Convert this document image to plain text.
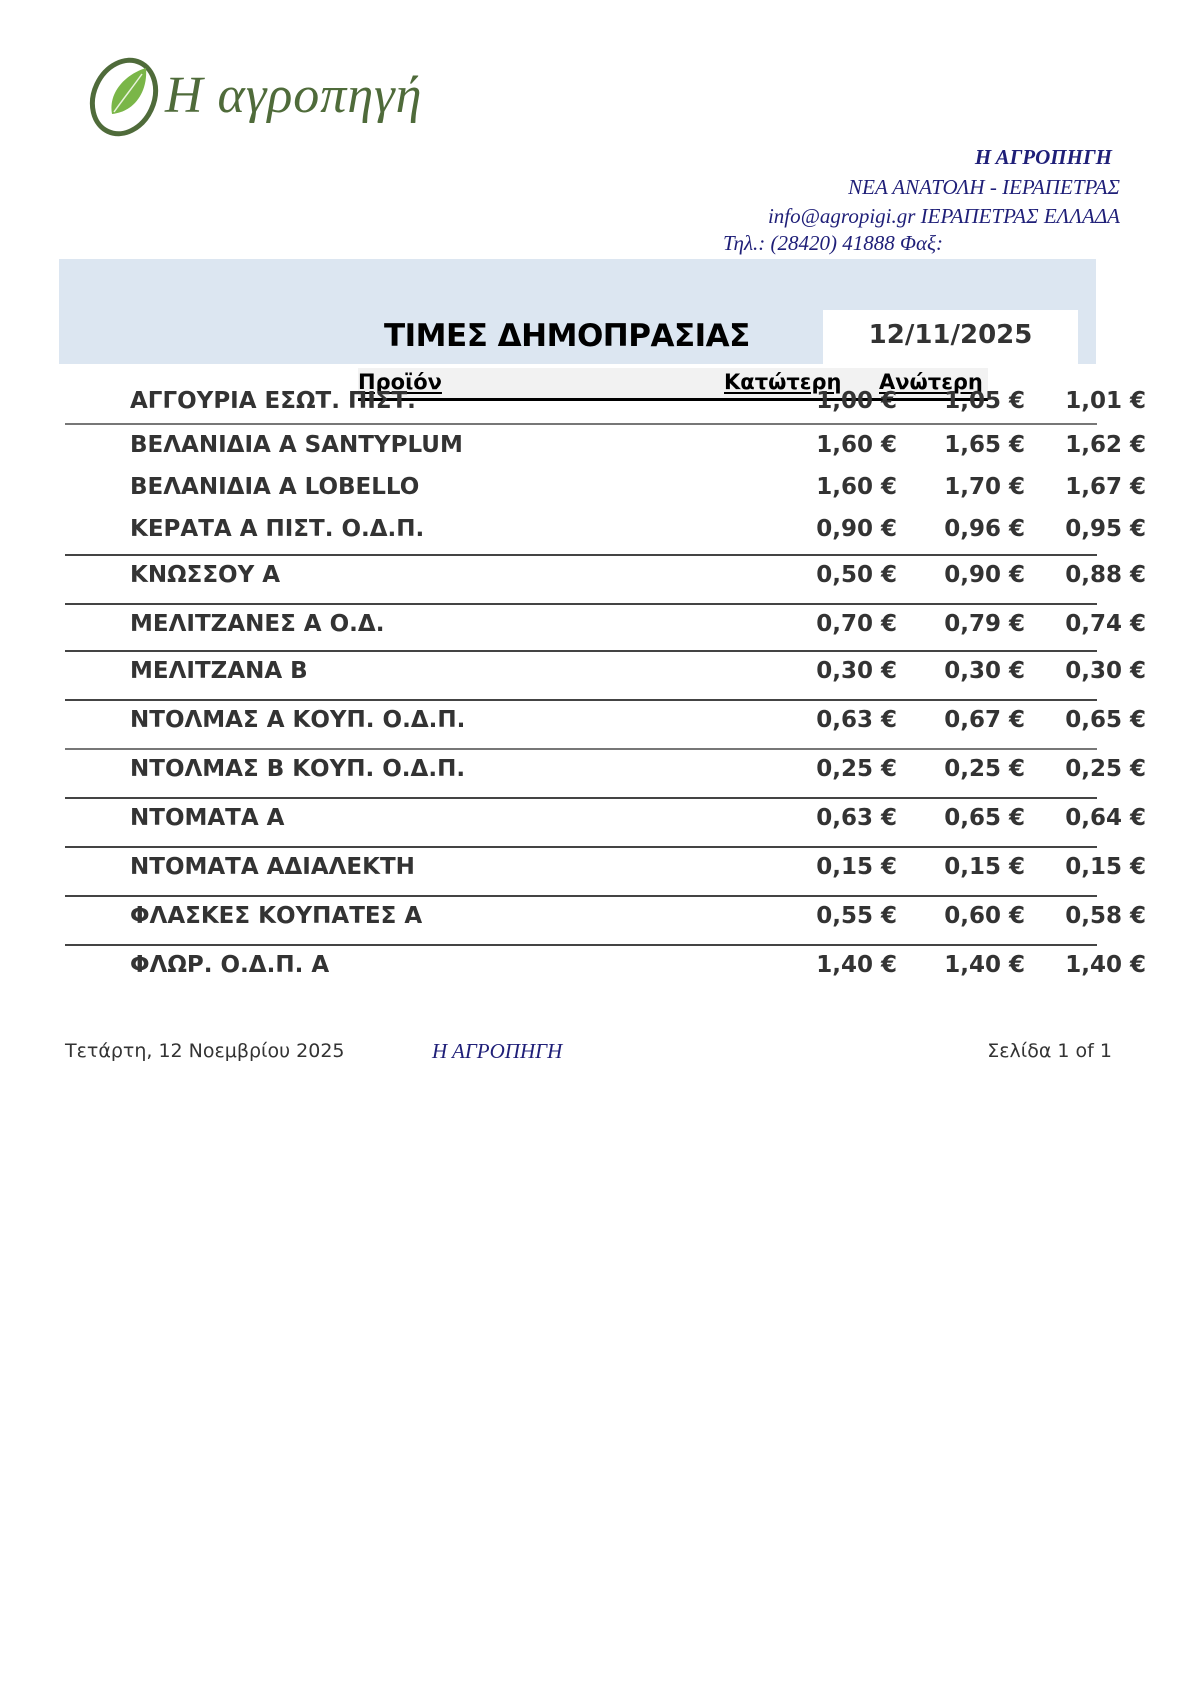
Η αγροπηγή
Η ΑΓΡΟΠΗΓΗ
ΝΕΑ ΑΝΑΤΟΛΗ - ΙΕΡΑΠΕΤΡΑΣ
info@agropigi.gr ΙΕΡΑΠΕΤΡΑΣ ΕΛΛΑΔΑ
Τηλ.: (28420) 41888 Φαξ:
ΤΙΜΕΣ ΔΗΜΟΠΡΑΣΙΑΣ	12/11/2025
Προϊόν	Κατώτερη Ανώτερη
ΑΓΓΟΥΡΙΑ ΕΣΩΤ. ΠΙΣΤ.	1,00 €	1,05 €	1,01 €
ΒΕΛΑΝΙΔΙΑ Α SANTYPLUM	1,60 €	1,65 €	1,62 €
ΒΕΛΑΝΙΔΙΑ Α LOBELLO	1,60 €	1,70 €	1,67 €
ΚΕΡΑΤΑ Α ΠΙΣΤ. Ο.Δ.Π.	0,90 €	0,96 €	0,95 €
ΚΝΩΣΣΟΥ Α	0,50 €	0,90 €	0,88 €
ΜΕΛΙΤΖΑΝΕΣ Α Ο.Δ.	0,70 €	0,79 €	0,74 €
ΜΕΛΙΤΖΑΝΑ Β	0,30 €	0,30 €	0,30 €
ΝΤΟΛΜΑΣ Α ΚΟΥΠ. Ο.Δ.Π.	0,63 €	0,67 €	0,65 €
ΝΤΟΛΜΑΣ Β ΚΟΥΠ. Ο.Δ.Π.	0,25 €	0,25 €	0,25 €
ΝΤΟΜΑΤΑ Α	0,63 €	0,65 €	0,64 €
ΝΤΟΜΑΤΑ ΑΔΙΑΛΕΚΤΗ	0,15 €	0,15 €	0,15 €
ΦΛΑΣΚΕΣ ΚΟΥΠΑΤΕΣ Α	0,55 €	0,60 €	0,58 €
ΦΛΩΡ. Ο.Δ.Π. Α	1,40 €	1,40 €	1,40 €
Τετάρτη, 12 Νοεμβρίου 2025	Η ΑΓΡΟΠΗΓΗ	Σελίδα 1 of 1
